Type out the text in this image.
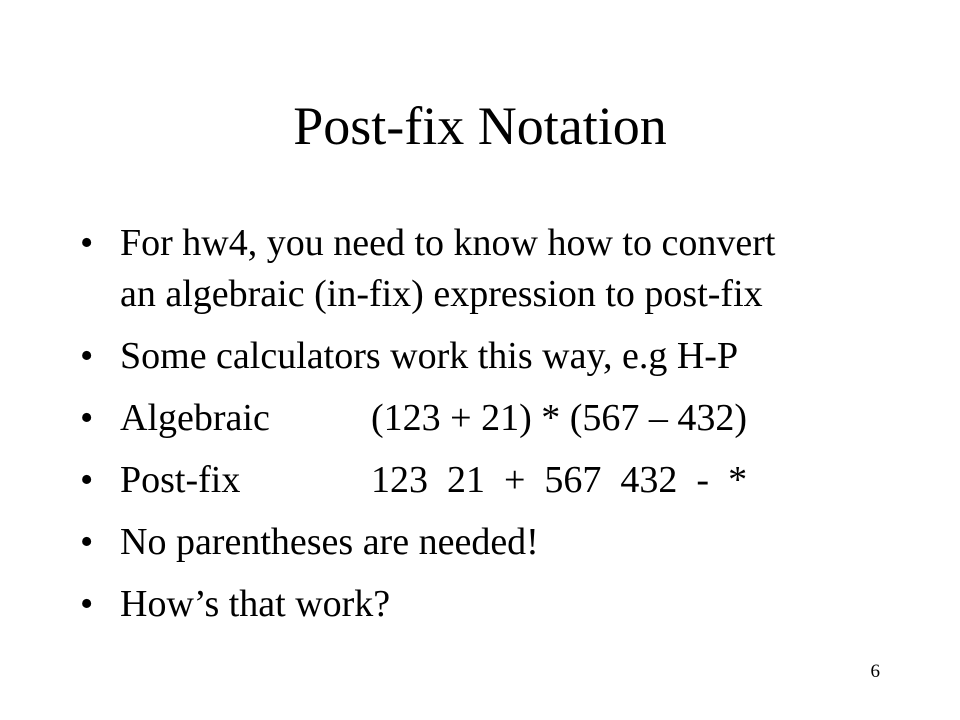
Post-fix Notation
• For hw4, you need to know how to convert
an algebraic (in-fix) expression to post-fix
• Some calculators work this way, e.g H-P
• Algebraic	(123 + 21) * (567 – 432)
• Post-fix	123  21  +  567  432  -  *
• No parentheses are needed!
• How’s that work?
6
